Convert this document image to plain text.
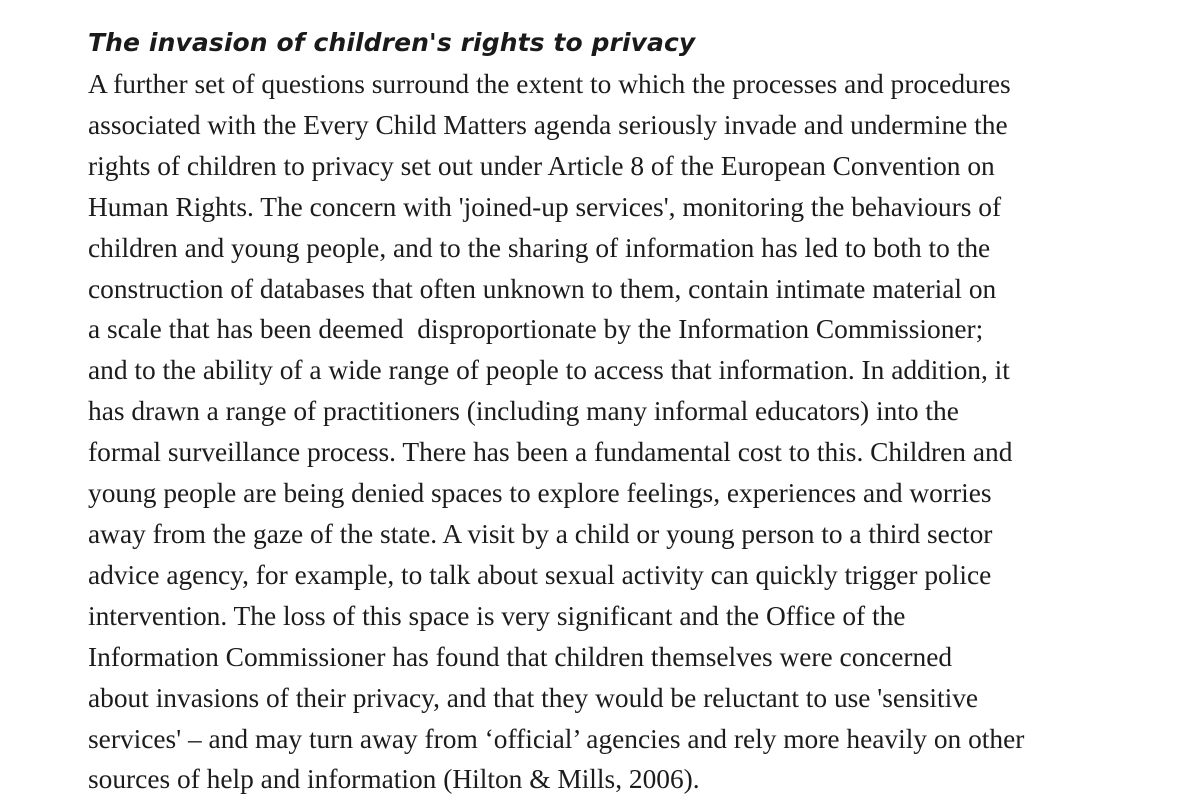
The invasion of children's rights to privacy

A further set of questions surround the extent to which the processes and procedures
associated with the Every Child Matters agenda seriously invade and undermine the
rights of children to privacy set out under Article 8 of the European Convention on
Human Rights. The concern with 'joined-up services', monitoring the behaviours of
children and young people, and to the sharing of information has led to both to the
construction of databases that often unknown to them, contain intimate material on
a scale that has been deemed  disproportionate by the Information Commissioner;
and to the ability of a wide range of people to access that information. In addition, it
has drawn a range of practitioners (including many informal educators) into the
formal surveillance process. There has been a fundamental cost to this. Children and
young people are being denied spaces to explore feelings, experiences and worries
away from the gaze of the state. A visit by a child or young person to a third sector
advice agency, for example, to talk about sexual activity can quickly trigger police
intervention. The loss of this space is very significant and the Office of the
Information Commissioner has found that children themselves were concerned
about invasions of their privacy, and that they would be reluctant to use 'sensitive
services' – and may turn away from ‘official’ agencies and rely more heavily on other
sources of help and information (Hilton & Mills, 2006).
